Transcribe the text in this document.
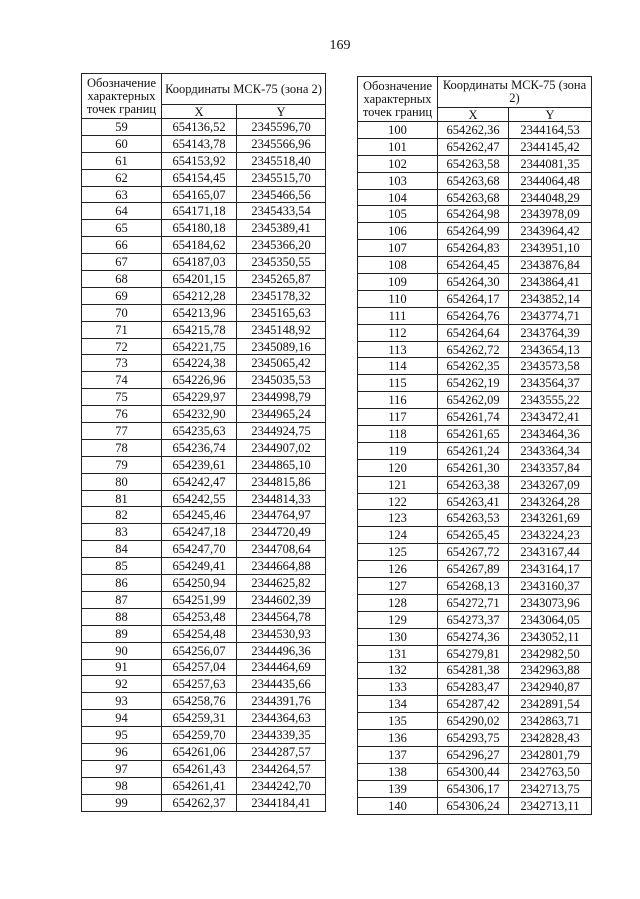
169
Обозначение характерных точек границ	Координаты МСК-75 (зона 2)	
	X	Y
59	654136,52	2345596,70
60	654143,78	2345566,96
61	654153,92	2345518,40
62	654154,45	2345515,70
63	654165,07	2345466,56
64	654171,18	2345433,54
65	654180,18	2345389,41
66	654184,62	2345366,20
67	654187,03	2345350,55
68	654201,15	2345265,87
69	654212,28	2345178,32
70	654213,96	2345165,63
71	654215,78	2345148,92
72	654221,75	2345089,16
73	654224,38	2345065,42
74	654226,96	2345035,53
75	654229,97	2344998,79
76	654232,90	2344965,24
77	654235,63	2344924,75
78	654236,74	2344907,02
79	654239,61	2344865,10
80	654242,47	2344815,86
81	654242,55	2344814,33
82	654245,46	2344764,97
83	654247,18	2344720,49
84	654247,70	2344708,64
85	654249,41	2344664,88
86	654250,94	2344625,82
87	654251,99	2344602,39
88	654253,48	2344564,78
89	654254,48	2344530,93
90	654256,07	2344496,36
91	654257,04	2344464,69
92	654257,63	2344435,66
93	654258,76	2344391,76
94	654259,31	2344364,63
95	654259,70	2344339,35
96	654261,06	2344287,57
97	654261,43	2344264,57
98	654261,41	2344242,70
99	654262,37	2344184,41
Обозначение характерных точек границ	Координаты МСК-75 (зона 2)	
	X	Y
100	654262,36	2344164,53
101	654262,47	2344145,42
102	654263,58	2344081,35
103	654263,68	2344064,48
104	654263,68	2344048,29
105	654264,98	2343978,09
106	654264,99	2343964,42
107	654264,83	2343951,10
108	654264,45	2343876,84
109	654264,30	2343864,41
110	654264,17	2343852,14
111	654264,76	2343774,71
112	654264,64	2343764,39
113	654262,72	2343654,13
114	654262,35	2343573,58
115	654262,19	2343564,37
116	654262,09	2343555,22
117	654261,74	2343472,41
118	654261,65	2343464,36
119	654261,24	2343364,34
120	654261,30	2343357,84
121	654263,38	2343267,09
122	654263,41	2343264,28
123	654263,53	2343261,69
124	654265,45	2343224,23
125	654267,72	2343167,44
126	654267,89	2343164,17
127	654268,13	2343160,37
128	654272,71	2343073,96
129	654273,37	2343064,05
130	654274,36	2343052,11
131	654279,81	2342982,50
132	654281,38	2342963,88
133	654283,47	2342940,87
134	654287,42	2342891,54
135	654290,02	2342863,71
136	654293,75	2342828,43
137	654296,27	2342801,79
138	654300,44	2342763,50
139	654306,17	2342713,75
140	654306,24	2342713,11
